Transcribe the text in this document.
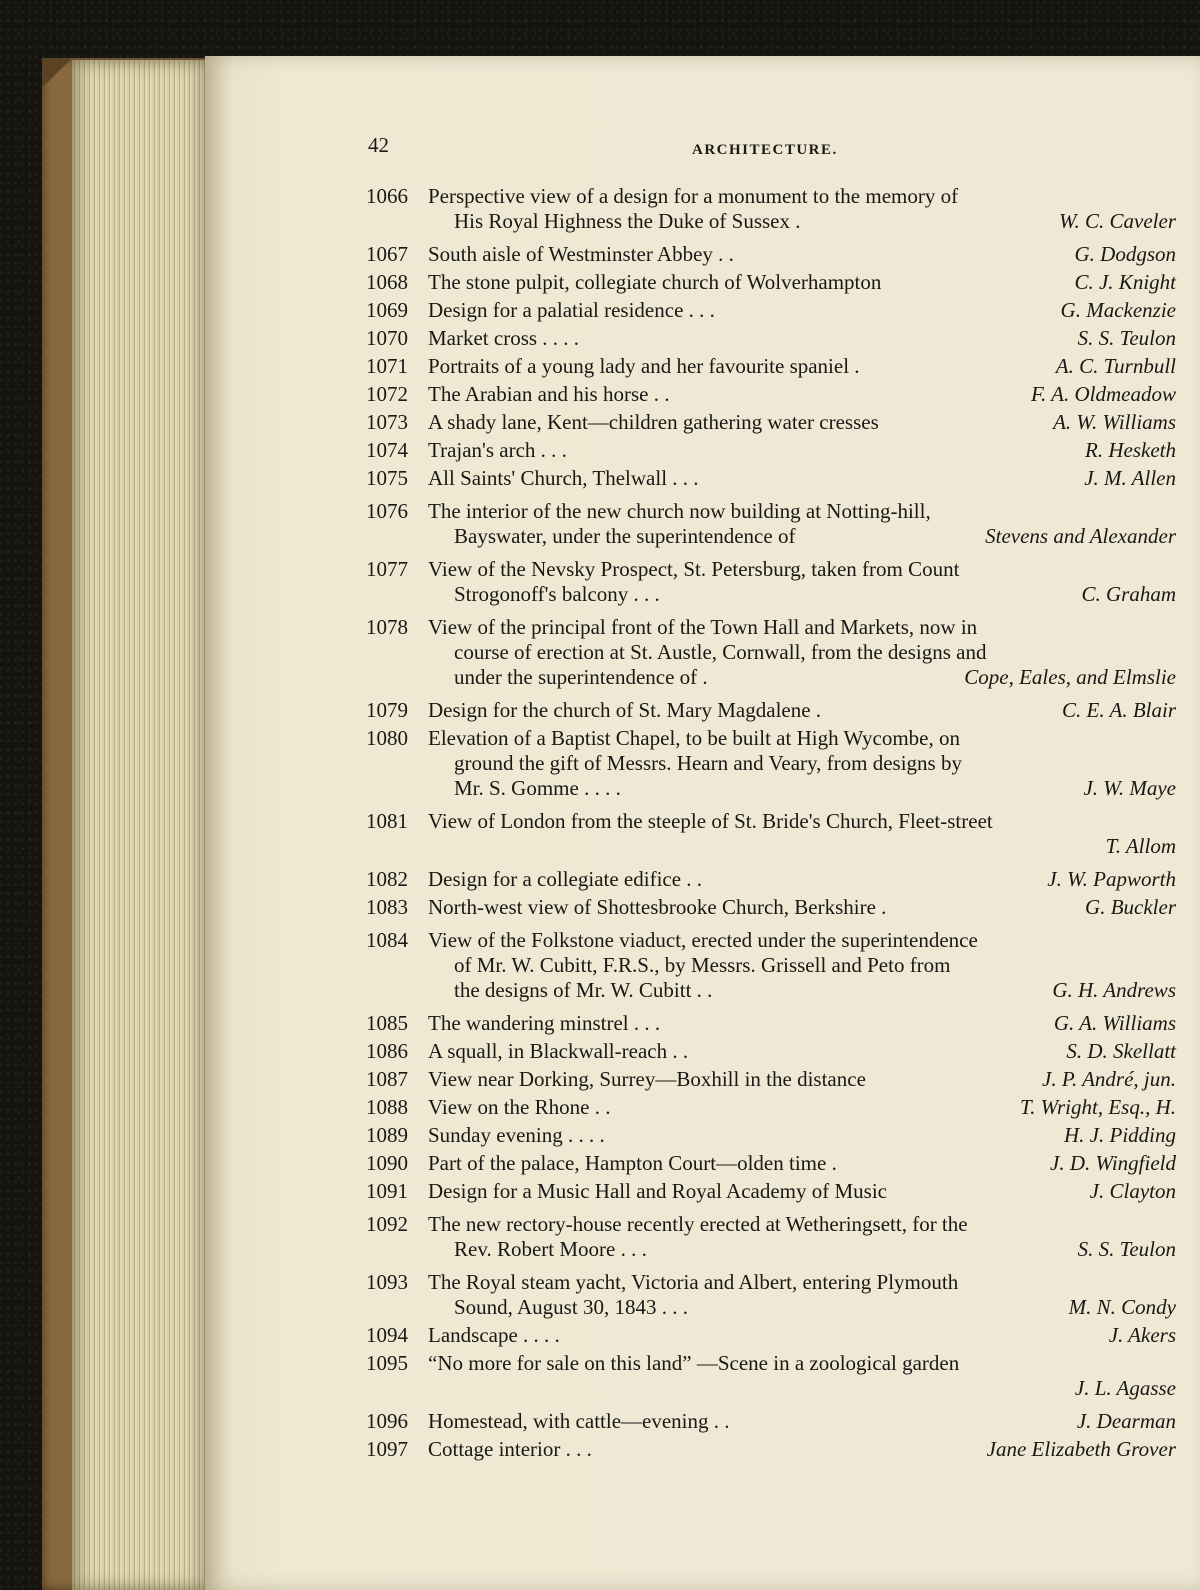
42	ARCHITECTURE.
1066 Perspective view of a design for a monument to the memory of
His Royal Highness the Duke of Sussex .	W. C. Caveler
1067 South aisle of Westminster Abbey . .	G. Dodgson
1068 The stone pulpit, collegiate church of Wolverhampton	C. J. Knight
1069 Design for a palatial residence . . .	G. Mackenzie
1070 Market cross . . . .	S. S. Teulon
1071 Portraits of a young lady and her favourite spaniel .	A. C. Turnbull
1072 The Arabian and his horse . .	F. A. Oldmeadow
1073 A shady lane, Kent—children gathering water cresses	A. W. Williams
1074 Trajan's arch . . .	R. Hesketh
1075 All Saints' Church, Thelwall . . .	J. M. Allen
1076 The interior of the new church now building at Notting-hill,
Bayswater, under the superintendence of	Stevens and Alexander
1077 View of the Nevsky Prospect, St. Petersburg, taken from Count
Strogonoff's balcony . . .	C. Graham
1078 View of the principal front of the Town Hall and Markets, now in
course of erection at St. Austle, Cornwall, from the designs and
under the superintendence of .	Cope, Eales, and Elmslie
1079 Design for the church of St. Mary Magdalene .	C. E. A. Blair
1080 Elevation of a Baptist Chapel, to be built at High Wycombe, on
ground the gift of Messrs. Hearn and Veary, from designs by
Mr. S. Gomme . . . .	J. W. Maye
1081 View of London from the steeple of St. Bride's Church, Fleet-street
T. Allom
1082 Design for a collegiate edifice . .	J. W. Papworth
1083 North-west view of Shottesbrooke Church, Berkshire .	G. Buckler
1084 View of the Folkstone viaduct, erected under the superintendence
of Mr. W. Cubitt, F.R.S., by Messrs. Grissell and Peto from
the designs of Mr. W. Cubitt . .	G. H. Andrews
1085 The wandering minstrel . . .	G. A. Williams
1086 A squall, in Blackwall-reach . .	S. D. Skellatt
1087 View near Dorking, Surrey—Boxhill in the distance	J. P. André, jun.
1088 View on the Rhone . .	T. Wright, Esq., H.
1089 Sunday evening . . . .	H. J. Pidding
1090 Part of the palace, Hampton Court—olden time .	J. D. Wingfield
1091 Design for a Music Hall and Royal Academy of Music	J. Clayton
1092 The new rectory-house recently erected at Wetheringsett, for the
Rev. Robert Moore . . .	S. S. Teulon
1093 The Royal steam yacht, Victoria and Albert, entering Plymouth
Sound, August 30, 1843 . . .	M. N. Condy
1094 Landscape . . . .	J. Akers
1095 “No more for sale on this land” —Scene in a zoological garden
J. L. Agasse
1096 Homestead, with cattle—evening . .	J. Dearman
1097 Cottage interior . . .	Jane Elizabeth Grover
